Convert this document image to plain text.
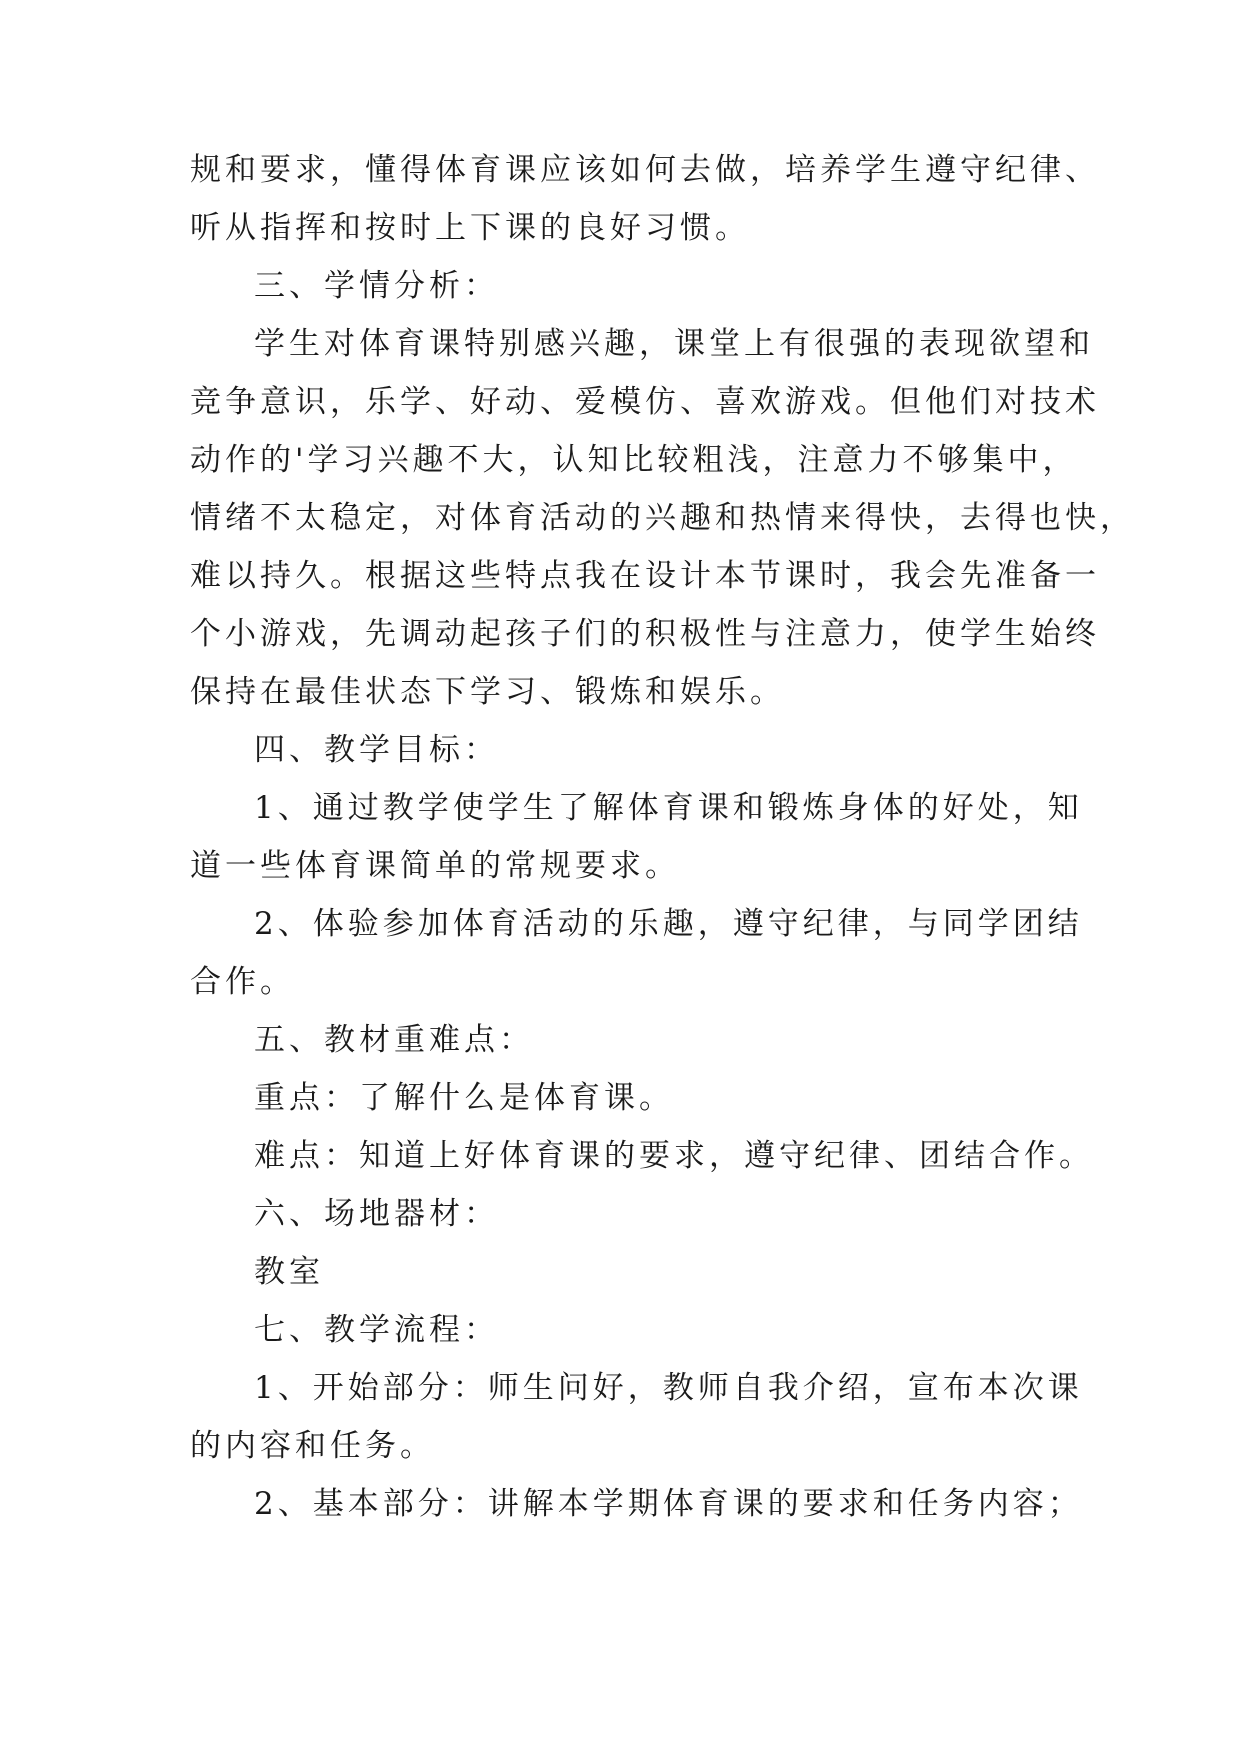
规和要求，懂得体育课应该如何去做，培养学生遵守纪律、
听从指挥和按时上下课的良好习惯。
三、学情分析：
学生对体育课特别感兴趣，课堂上有很强的表现欲望和
竞争意识，乐学、好动、爱模仿、喜欢游戏。但他们对技术
动作的'学习兴趣不大，认知比较粗浅，注意力不够集中，
情绪不太稳定，对体育活动的兴趣和热情来得快，去得也快，
难以持久。根据这些特点我在设计本节课时，我会先准备一
个小游戏，先调动起孩子们的积极性与注意力，使学生始终
保持在最佳状态下学习、锻炼和娱乐。
四、教学目标：
1、通过教学使学生了解体育课和锻炼身体的好处，知
道一些体育课简单的常规要求。
2、体验参加体育活动的乐趣，遵守纪律，与同学团结
合作。
五、教材重难点：
重点：了解什么是体育课。
难点：知道上好体育课的要求，遵守纪律、团结合作。
六、场地器材：
教室
七、教学流程：
1、开始部分：师生问好，教师自我介绍，宣布本次课
的内容和任务。
2、基本部分：讲解本学期体育课的要求和任务内容；
